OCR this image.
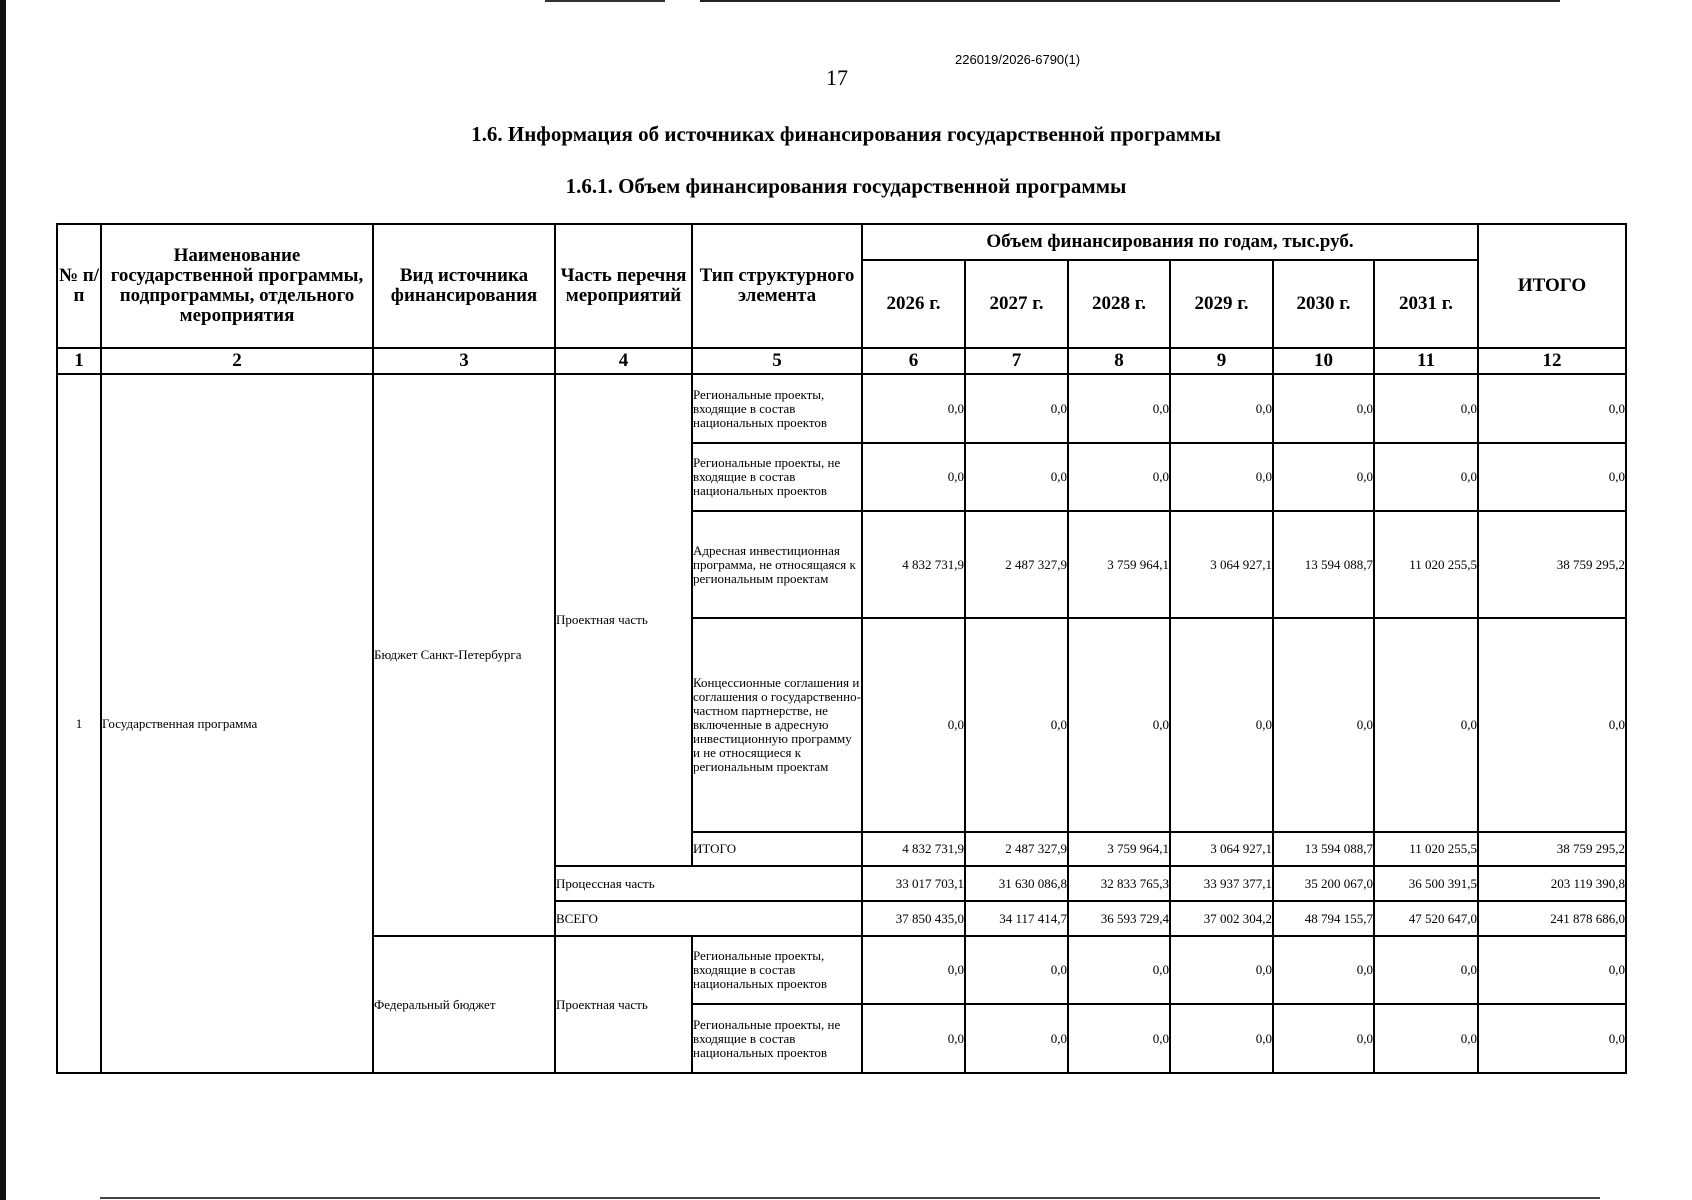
226019/2026-6790(1)
17
1.6. Информация об источниках финансирования государственной программы
1.6.1. Объем финансирования государственной программы
№ п/п	Наименование государственной программы, подпрограммы, отдельного мероприятия	Вид источника финансирования	Часть перечня мероприятий	Тип структурного элемента	Объем финансирования по годам, тыс.руб.						ИТОГО
					2026 г.	2027 г.	2028 г.	2029 г.	2030 г.	2031 г.	
1	2	3	4	5	6	7	8	9	10	11	12
1	Государственная программа	Бюджет Санкт-Петербурга	Проектная часть	Региональные проекты, входящие в состав национальных проектов	0,0	0,0	0,0	0,0	0,0	0,0	0,0
				Региональные проекты, не входящие в состав национальных проектов	0,0	0,0	0,0	0,0	0,0	0,0	0,0
				Адресная инвестиционная программа, не относящаяся к региональным проектам	4 832 731,9	2 487 327,9	3 759 964,1	3 064 927,1	13 594 088,7	11 020 255,5	38 759 295,2
				Концессионные соглашения и соглашения о государственно-частном партнерстве, не включенные в адресную инвестиционную программу и не относящиеся к региональным проектам	0,0	0,0	0,0	0,0	0,0	0,0	0,0
				ИТОГО	4 832 731,9	2 487 327,9	3 759 964,1	3 064 927,1	13 594 088,7	11 020 255,5	38 759 295,2
			Процессная часть		33 017 703,1	31 630 086,8	32 833 765,3	33 937 377,1	35 200 067,0	36 500 391,5	203 119 390,8
			ВСЕГО		37 850 435,0	34 117 414,7	36 593 729,4	37 002 304,2	48 794 155,7	47 520 647,0	241 878 686,0
		Федеральный бюджет	Проектная часть	Региональные проекты, входящие в состав национальных проектов	0,0	0,0	0,0	0,0	0,0	0,0	0,0
				Региональные проекты, не входящие в состав национальных проектов	0,0	0,0	0,0	0,0	0,0	0,0	0,0
